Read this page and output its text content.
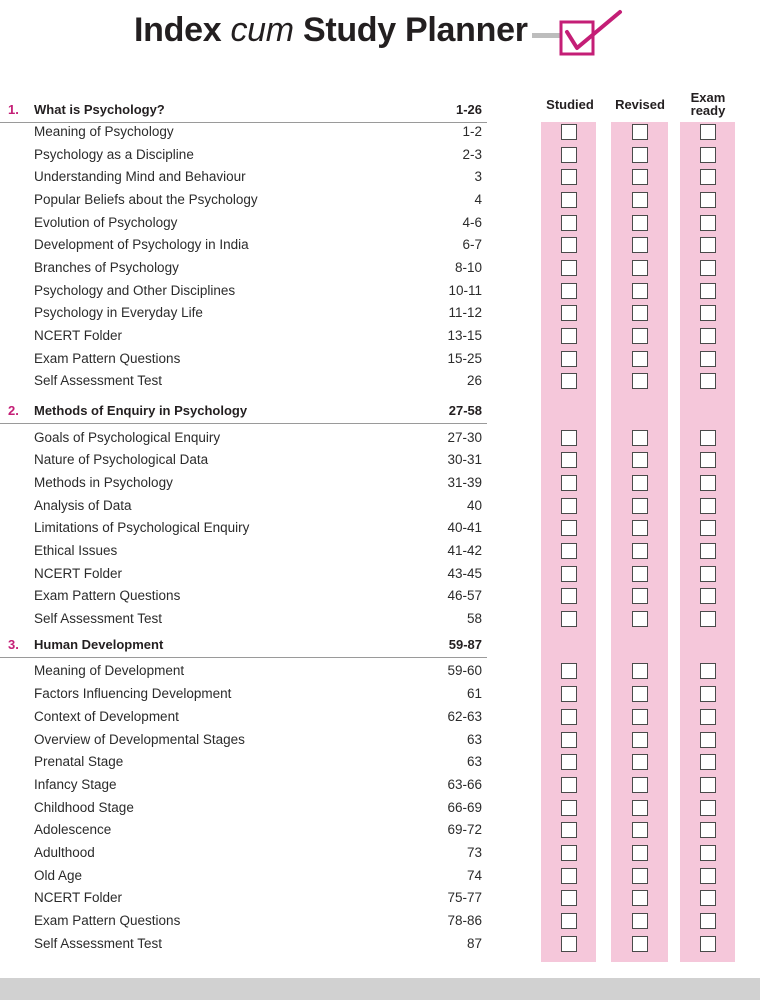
Index cum Study Planner
Studied	Revised	Exam
ready
1. What is Psychology?	1-26
Meaning of Psychology	1-2
Psychology as a Discipline	2-3
Understanding Mind and Behaviour	3
Popular Beliefs about the Psychology	4
Evolution of Psychology	4-6
Development of Psychology in India	6-7
Branches of Psychology	8-10
Psychology and Other Disciplines	10-11
Psychology in Everyday Life	11-12
NCERT Folder	13-15
Exam Pattern Questions	15-25
Self Assessment Test	26
2. Methods of Enquiry in Psychology	27-58
Goals of Psychological Enquiry	27-30
Nature of Psychological Data	30-31
Methods in Psychology	31-39
Analysis of Data	40
Limitations of Psychological Enquiry	40-41
Ethical Issues	41-42
NCERT Folder	43-45
Exam Pattern Questions	46-57
Self Assessment Test	58
3. Human Development	59-87
Meaning of Development	59-60
Factors Influencing Development	61
Context of Development	62-63
Overview of Developmental Stages	63
Prenatal Stage	63
Infancy Stage	63-66
Childhood Stage	66-69
Adolescence	69-72
Adulthood	73
Old Age	74
NCERT Folder	75-77
Exam Pattern Questions	78-86
Self Assessment Test	87
